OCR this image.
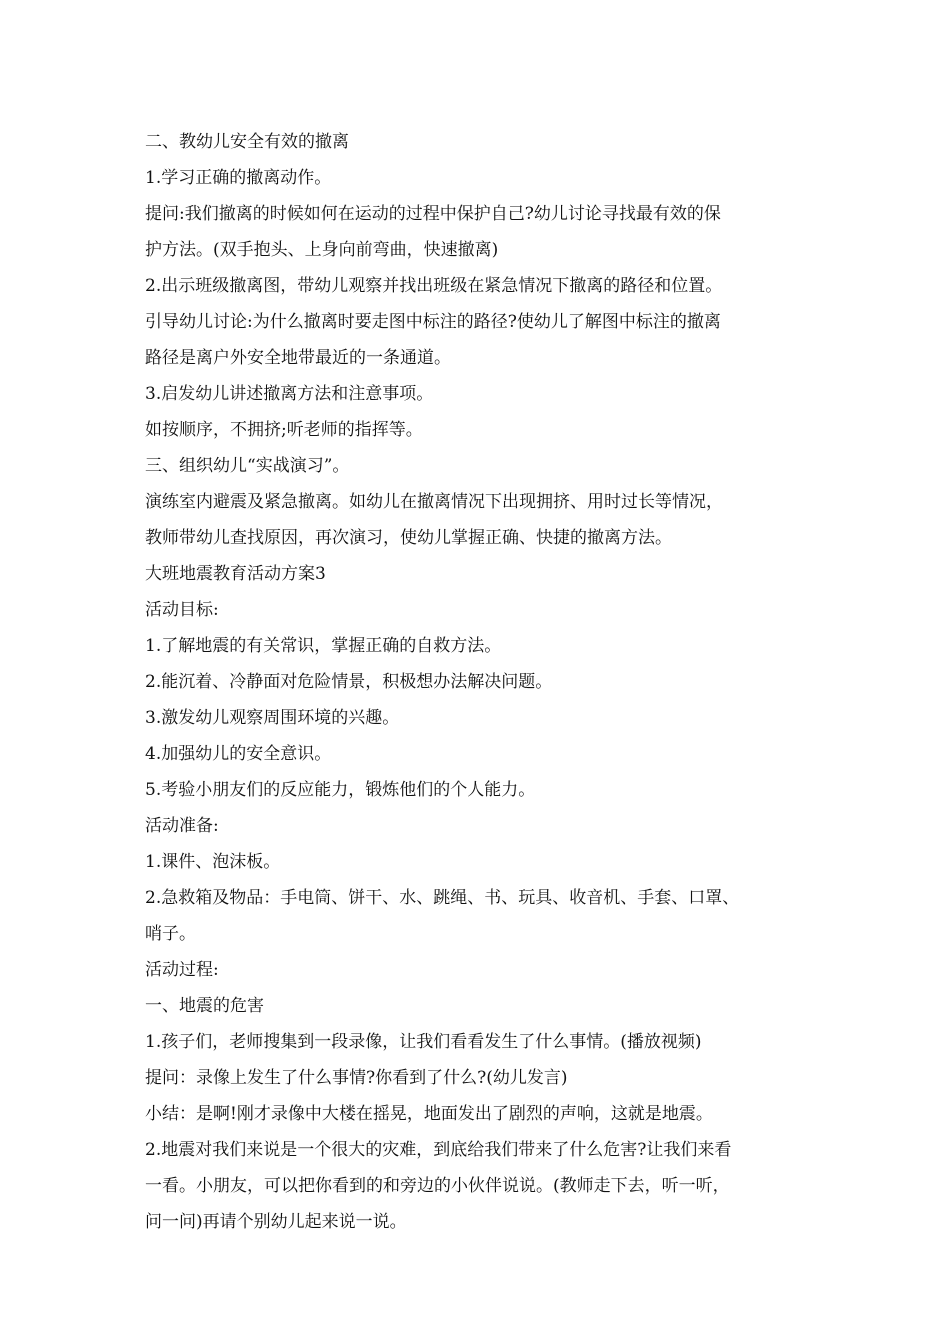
二、教幼儿安全有效的撤离

1.学习正确的撤离动作。

提问:我们撤离的时候如何在运动的过程中保护自己?幼儿讨论寻找最有效的保

护方法。(双手抱头、上身向前弯曲，快速撤离)

2.出示班级撤离图，带幼儿观察并找出班级在紧急情况下撤离的路径和位置。

引导幼儿讨论:为什么撤离时要走图中标注的路径?使幼儿了解图中标注的撤离

路径是离户外安全地带最近的一条通道。

3.启发幼儿讲述撤离方法和注意事项。

如按顺序，不拥挤;听老师的指挥等。

三、组织幼儿“实战演习”。

演练室内避震及紧急撤离。如幼儿在撤离情况下出现拥挤、用时过长等情况，

教师带幼儿查找原因，再次演习，使幼儿掌握正确、快捷的撤离方法。

大班地震教育活动方案3

活动目标:

1.了解地震的有关常识，掌握正确的自救方法。

2.能沉着、冷静面对危险情景，积极想办法解决问题。

3.激发幼儿观察周围环境的兴趣。

4.加强幼儿的安全意识。

5.考验小朋友们的反应能力，锻炼他们的个人能力。

活动准备:

1.课件、泡沫板。

2.急救箱及物品：手电筒、饼干、水、跳绳、书、玩具、收音机、手套、口罩、

哨子。

活动过程:

一、地震的危害

1.孩子们，老师搜集到一段录像，让我们看看发生了什么事情。(播放视频)

提问：录像上发生了什么事情?你看到了什么?(幼儿发言)

小结：是啊!刚才录像中大楼在摇晃，地面发出了剧烈的声响，这就是地震。

2.地震对我们来说是一个很大的灾难，到底给我们带来了什么危害?让我们来看

一看。小朋友，可以把你看到的和旁边的小伙伴说说。(教师走下去，听一听，

问一问)再请个别幼儿起来说一说。
